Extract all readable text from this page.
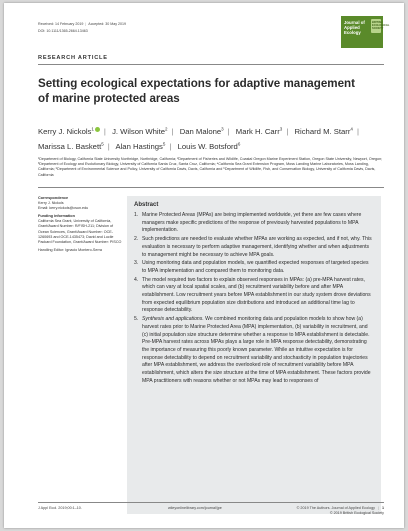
Received: 14 February 2019 | Accepted: 30 May 2019
DOI: 10.1111/1365-2664.13463
Journal of Applied Ecology
BRITISH ECOLOGICAL SOCIETY
RESEARCH ARTICLE
Setting ecological expectations for adaptive management of marine protected areas
Kerry J. Nickols$^1$ | J. Wilson White$^2$ | Dan Malone$^3$ | Mark H. Carr$^3$ | Richard M. Starr$^4$ | Marissa L. Baskett$^5$ | Alan Hastings$^5$ | Louis W. Botsford$^6$
¹Department of Biology, California State University Northridge, Northridge, California; ²Department of Fisheries and Wildlife, Coastal Oregon Marine Experiment Station, Oregon State University, Newport, Oregon; ³Department of Ecology and Evolutionary Biology, University of California Santa Cruz, Santa Cruz, California; ⁴California Sea Grant Extension Program, Moss Landing Marine Laboratories, Moss Landing, California; ⁵Department of Environmental Science and Policy, University of California Davis, Davis, California and ⁶Department of Wildlife, Fish, and Conservation Biology, University of California Davis, Davis, California
Correspondence

Kerry J. Nickols
Email: kerry.nickols@csun.edu

Funding information

California Sea Grant, University of California, Grant/Award Number: R/FISH-211; Division of Ocean Sciences, Grant/Award Number: OCE-1260693 and OCE-1435473; David and Lucile Packard Foundation, Grant/Award Number: PISCO

Handling Editor: Ignacio Montero-Serra

Abstract
1. Marine Protected Areas (MPAs) are being implemented worldwide, yet there are few cases where managers make specific predictions of the response of previously harvested populations to MPA implementation.
2. Such predictions are needed to evaluate whether MPAs are working as expected, and if not, why. This evaluation is necessary to perform adaptive management, identifying whether and when adjustments to management might be necessary to achieve MPA goals.
3. Using monitoring data and population models, we quantified expected responses of targeted species to MPA implementation and compared them to monitoring data.
4. The model required two factors to explain observed responses in MPAs: (a) pre-MPA harvest rates, which can vary at local spatial scales, and (b) recruitment variability before and after MPA establishment. Low recruitment years before MPA establishment in our study system drove deviations from expected equilibrium population size distributions and introduced an additional time lag to response detectability.
5. Synthesis and applications. We combined monitoring data and population models to show how (a) harvest rates prior to Marine Protected Area (MPA) implementation, (b) variability in recruitment, and (c) initial population size structure determine whether a response to MPA establishment is detectable. Pre-MPA harvest rates across MPAs plays a large role in MPA response detectability, demonstrating the importance of measuring this poorly known parameter. While an intuitive expectation is for response detectability to depend on recruitment variability and stochasticity in population trajectories after MPA establishment, we address the overlooked role of recruitment variability before MPA establishment, which alters the size structure at the time of MPA establishment. These factors provide MPA practitioners with reasons whether or not MPAs may lead to responses of
J Appl Ecol. 2019;00:1–10.	wileyonlinelibrary.com/journal/jpe	© 2019 The Authors. Journal of Applied Ecology | 1
© 2019 British Ecological Society
